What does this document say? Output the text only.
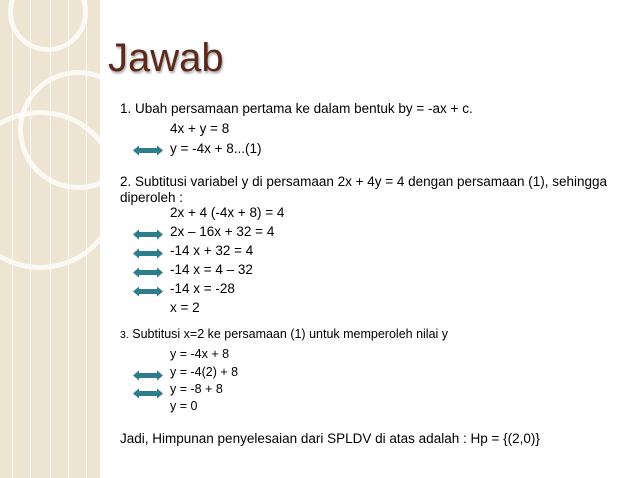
Jawab

1. Ubah persamaan pertama ke dalam bentuk by = -ax + c.

4x + y = 8

y = -4x + 8...(1)

2. Subtitusi variabel y di persamaan 2x + 4y = 4 dengan persamaan (1), sehingga

diperoleh :

2x + 4 (-4x + 8) = 4

2x – 16x + 32 = 4

-14 x + 32 = 4

-14 x = 4 – 32

-14 x = -28

x = 2

3. Subtitusi x=2 ke persamaan (1) untuk memperoleh nilai y

y = -4x + 8

y = -4(2) + 8

y = -8 + 8

y = 0

Jadi, Himpunan penyelesaian dari SPLDV di atas adalah : Hp = {(2,0)}
